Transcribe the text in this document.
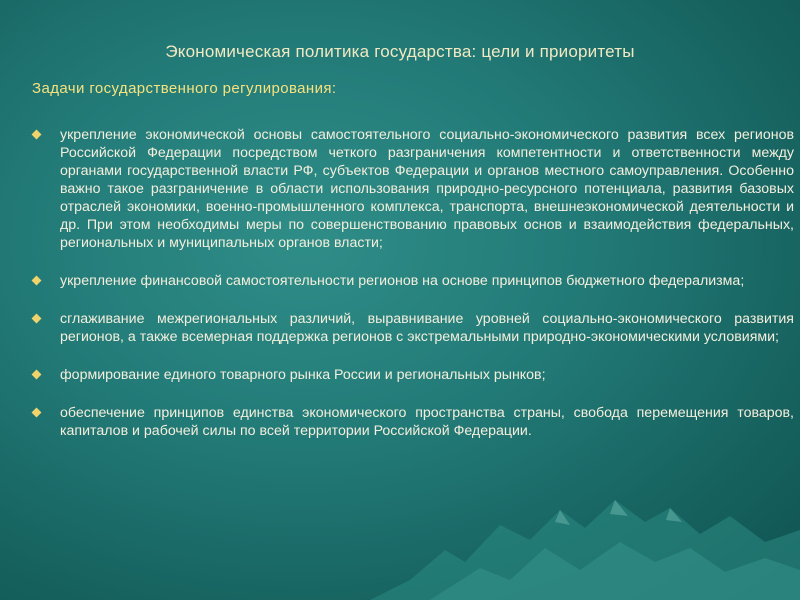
Экономическая политика государства: цели и приоритеты
Задачи государственного регулирования:
укрепление экономической основы самостоятельного социально-экономического развития всех регионов Российской Федерации посредством четкого разграничения компетентности и ответственности между органами государственной власти РФ, субъектов Федерации и органов местного самоуправления. Особенно важно такое разграничение в области использования природно-ресурсного потенциала, развития базовых отраслей экономики, военно-промышленного комплекса, транспорта, внешнеэкономической деятельности и др. При этом необходимы меры по совершенствованию правовых основ и взаимодействия федеральных, региональных и муниципальных органов власти;
укрепление финансовой самостоятельности регионов на основе принципов бюджетного федерализма;
сглаживание межрегиональных различий, выравнивание уровней социально-экономического развития регионов, а также всемерная поддержка регионов с экстремальными природно-экономическими условиями;
формирование единого товарного рынка России и региональных рынков;
обеспечение принципов единства экономического пространства страны, свобода перемещения товаров, капиталов и рабочей силы по всей территории Российской Федерации.
